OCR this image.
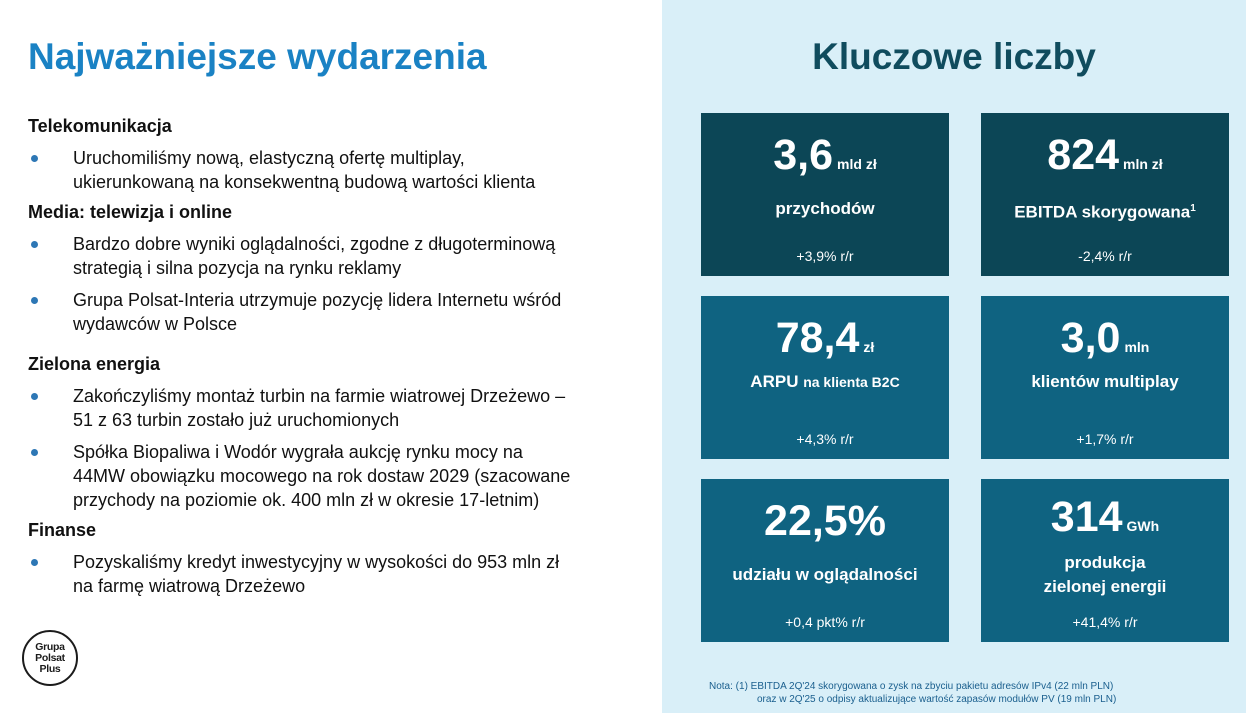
Najważniejsze wydarzenia
Telekomunikacja
Uruchomiliśmy nową, elastyczną ofertę multiplay,
ukierunkowaną na konsekwentną budową wartości klienta
Media: telewizja i online
Bardzo dobre wyniki oglądalności, zgodne z długoterminową
strategią i silna pozycja na rynku reklamy
Grupa Polsat-Interia utrzymuje pozycję lidera Internetu wśród
wydawców w Polsce
Zielona energia
Zakończyliśmy montaż turbin na farmie wiatrowej Drzeżewo –
51 z 63 turbin zostało już uruchomionych
Spółka Biopaliwa i Wodór wygrała aukcję rynku mocy na
44MW obowiązku mocowego na rok dostaw 2029 (szacowane
przychody na poziomie ok. 400 mln zł w okresie 17-letnim)
Finanse
Pozyskaliśmy kredyt inwestycyjny w wysokości do 953 mln zł
na farmę wiatrową Drzeżewo
Grupa
Polsat
Plus
Kluczowe liczby
3,6 mld zł
przychodów
+3,9% r/r
824 mln zł
EBITDA skorygowana$^1$
-2,4% r/r
78,4 zł
ARPU na klienta B2C
+4,3% r/r
3,0 mln
klientów multiplay
+1,7% r/r
22,5%
udziału w oglądalności
+0,4 pkt% r/r
314 GWh
produkcja
zielonej energii
+41,4% r/r
Nota: (1) EBITDA 2Q'24 skorygowana o zysk na zbyciu pakietu adresów IPv4 (22 mln PLN)
oraz w 2Q'25 o odpisy aktualizujące wartość zapasów modułów PV (19 mln PLN)
